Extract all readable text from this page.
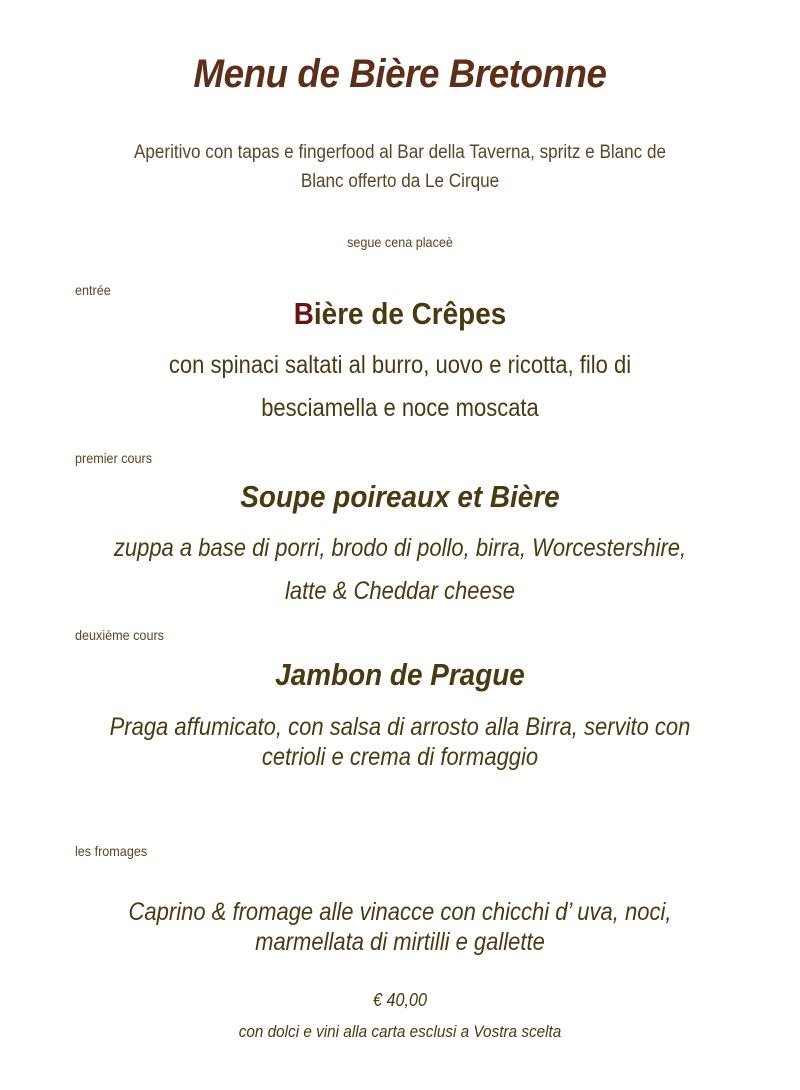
Menu de Bière Bretonne
Aperitivo con tapas e fingerfood al Bar della Taverna, spritz e Blanc de
Blanc offerto da Le Cirque
segue cena placeè
entrée
Bière de Crêpes
con spinaci saltati al burro, uovo e ricotta, filo di
besciamella e noce moscata
premier cours
Soupe poireaux et Bière
zuppa a base di porri, brodo di pollo, birra, Worcestershire,
latte & Cheddar cheese
deuxième cours
Jambon de Prague
Praga affumicato, con salsa di arrosto alla Birra, servito con
cetrioli e crema di formaggio
les fromages
Caprino & fromage alle vinacce con chicchi d’ uva, noci,
marmellata di mirtilli e gallette
€ 40,00
con dolci e vini alla carta esclusi a Vostra scelta
